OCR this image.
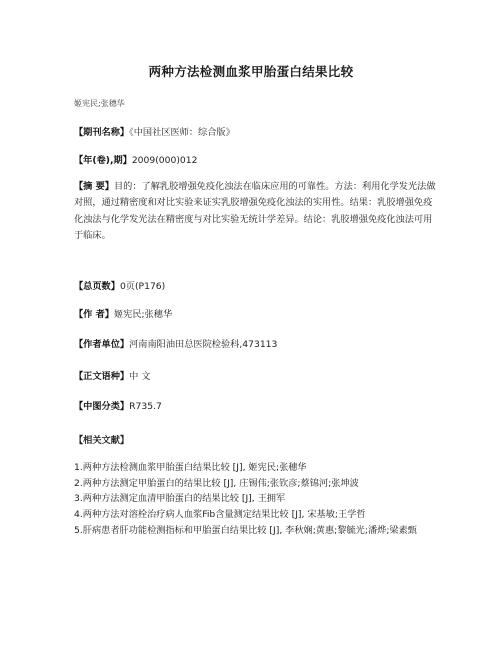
两种方法检测血浆甲胎蛋白结果比较
姬宪民;张穗华
【期刊名称】《中国社区医师：综合版》
【年(卷),期】2009(000)012
【摘 要】目的：了解乳胶增强免疫化浊法在临床应用的可靠性。方法：利用化学发光法做对照，通过精密度和对比实验来证实乳胶增强免疫化浊法的实用性。结果：乳胶增强免疫化浊法与化学发光法在精密度与对比实验无统计学差异。结论：乳胶增强免疫化浊法可用于临床。
【总页数】0页(P176)
【作 者】姬宪民;张穗华
【作者单位】河南南阳油田总医院检验科,473113
【正文语种】中 文
【中图分类】R735.7
【相关文献】
1.两种方法检测血浆甲胎蛋白结果比较 [J], 姬宪民;张穗华
2.两种方法测定甲胎蛋白的结果比较 [J], 庄锡伟;张钦彦;蔡锦河;张坤波
3.两种方法测定血清甲胎蛋白的结果比较 [J], 王拥军
4.两种方法对溶栓治疗病人血浆Fib含量测定结果比较 [J], 宋基敏;王学哲
5.肝病患者肝功能检测指标和甲胎蛋白结果比较 [J], 李秋娴;黄惠;黎毓光;潘烨;梁素甄
